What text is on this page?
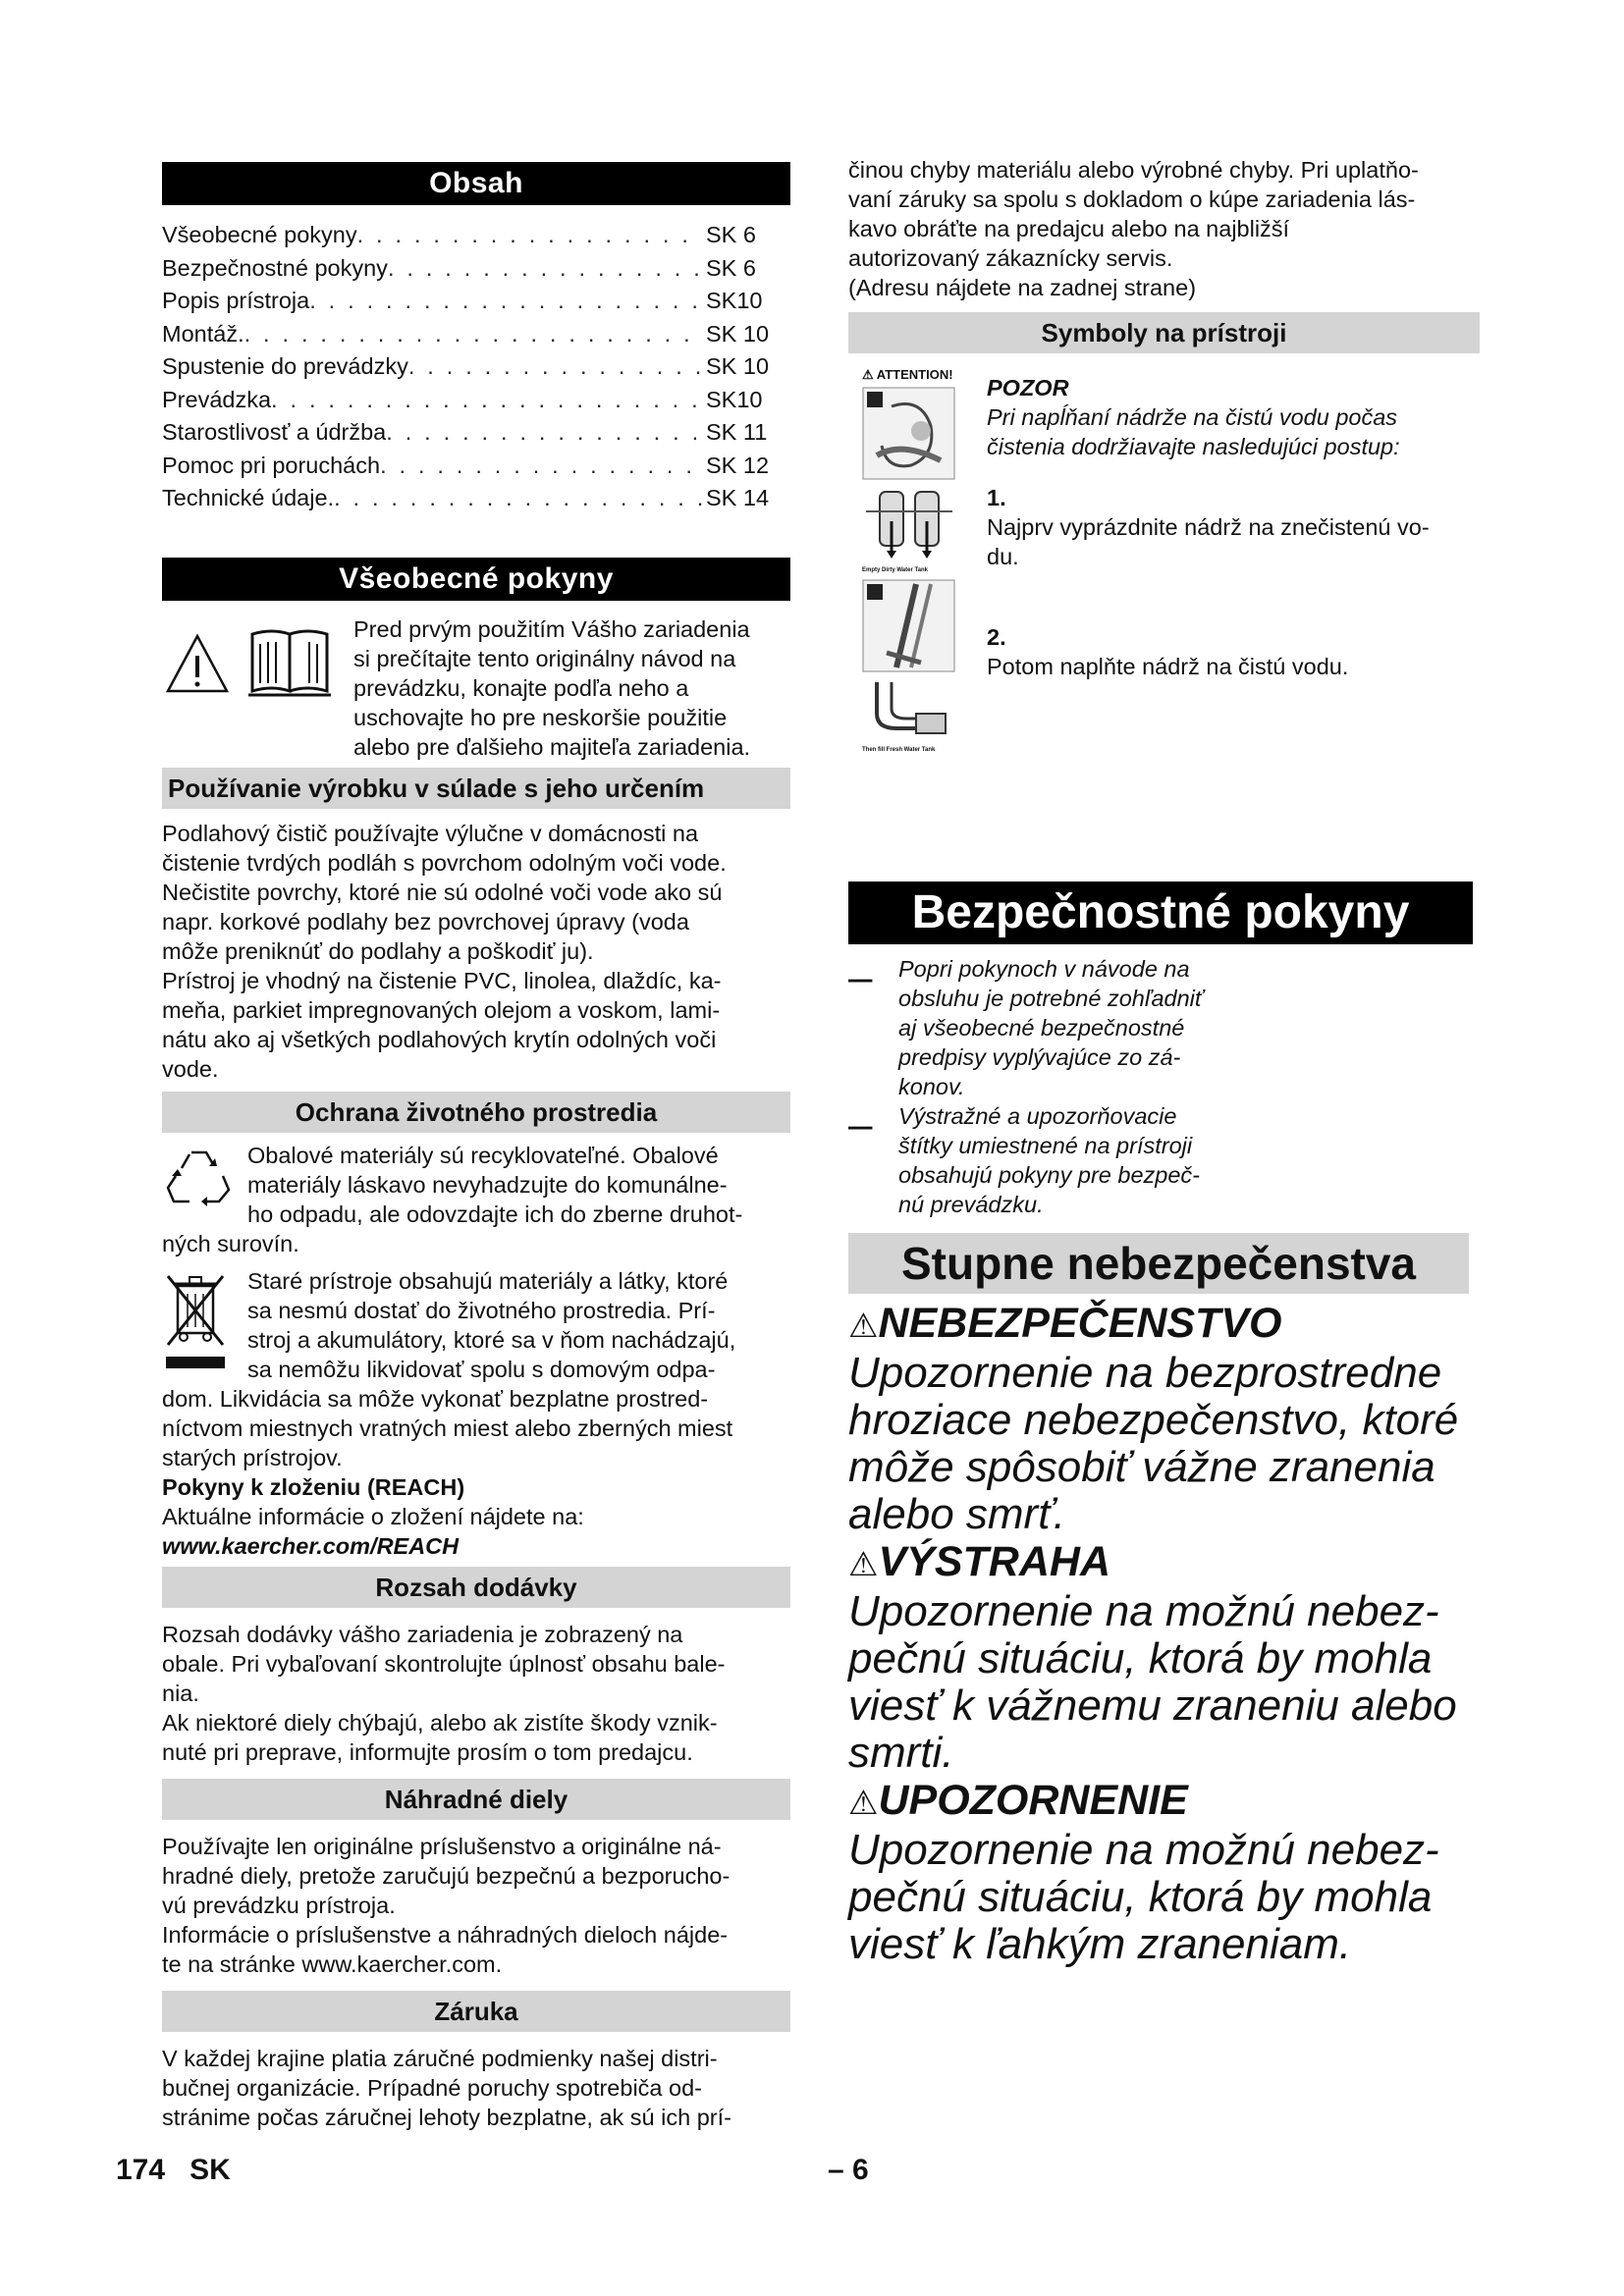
Obsah
Všeobecné pokyny . . .	SK 6
Bezpečnostné pokyny . . .	SK 6
Popis prístroja . . .	SK10
Montáž. . . .	SK 10
Spustenie do prevádzky . . .	SK 10
Prevádzka . . .	SK10
Starostlivosť a údržba . . .	SK 11
Pomoc pri poruchách . . .	SK 12
Technické údaje. . . .	SK 14
Všeobecné pokyny

Pred prvým použitím Vášho zariadenia

si prečítajte tento originálny návod na

prevádzku, konajte podľa neho a

uschovajte ho pre neskoršie použitie

alebo pre ďalšieho majiteľa zariadenia.

Používanie výrobku v súlade s jeho určením

Podlahový čistič používajte výlučne v domácnosti na

čistenie tvrdých podláh s povrchom odolným voči vode.

Nečistite povrchy, ktoré nie sú odolné voči vode ako sú

napr. korkové podlahy bez povrchovej úpravy (voda

môže preniknúť do podlahy a poškodiť ju).

Prístroj je vhodný na čistenie PVC, linolea, dlaždíc, ka-

meňa, parkiet impregnovaných olejom a voskom, lami-

nátu ako aj všetkých podlahových krytín odolných voči

vode.

Ochrana životného prostredia

Obalové materiály sú recyklovateľné. Obalové

materiály láskavo nevyhadzujte do komunálne-

ho odpadu, ale odovzdajte ich do zberne druhot-

ných surovín.

Staré prístroje obsahujú materiály a látky, ktoré

sa nesmú dostať do životného prostredia. Prí-

stroj a akumulátory, ktoré sa v ňom nachádzajú,

sa nemôžu likvidovať spolu s domovým odpa-

dom. Likvidácia sa môže vykonať bezplatne prostred-

níctvom miestnych vratných miest alebo zberných miest

starých prístrojov.

Pokyny k zloženiu (REACH)

Aktuálne informácie o zložení nájdete na:

www.kaercher.com/REACH

Rozsah dodávky

Rozsah dodávky vášho zariadenia je zobrazený na

obale. Pri vybaľovaní skontrolujte úplnosť obsahu bale-

nia.

Ak niektoré diely chýbajú, alebo ak zistíte škody vznik-

nuté pri preprave, informujte prosím o tom predajcu.

Náhradné diely

Používajte len originálne príslušenstvo a originálne ná-

hradné diely, pretože zaručujú bezpečnú a bezporucho-

vú prevádzku prístroja.

Informácie o príslušenstve a náhradných dieloch nájde-

te na stránke www.kaercher.com.

Záruka

V každej krajine platia záručné podmienky našej distri-

bučnej organizácie. Prípadné poruchy spotrebiča od-

stránime počas záručnej lehoty bezplatne, ak sú ich prí-

činou chyby materiálu alebo výrobné chyby. Pri uplatňo-

vaní záruky sa spolu s dokladom o kúpe zariadenia lás-

kavo obráťte na predajcu alebo na najbližší

autorizovaný zákaznícky servis.

(Adresu nájdete na zadnej strane)

Symboly na prístroji
⚠ ATTENTION!
Empty Dirty Water Tank
Then fill Fresh Water Tank

POZOR

Pri napĺňaní nádrže na čistú vodu počas

čistenia dodržiavajte nasledujúci postup:

1.

Najprv vyprázdnite nádrž na znečistenú vo-

du.

2.

Potom naplňte nádrž na čistú vodu.

Bezpečnostné pokyny
– Popri pokynoch v návode na

obsluhu je potrebné zohľadniť

aj všeobecné bezpečnostné

predpisy vyplývajúce zo zá-

konov.

– Výstražné a upozorňovacie

štítky umiestnené na prístroji

obsahujú pokyny pre bezpeč-

nú prevádzku.

Stupne nebezpečenstva
⚠NEBEZPEČENSTVO
Upozornenie na bezprostredne
hroziace nebezpečenstvo, ktoré
môže spôsobiť vážne zranenia
alebo smrť.
⚠VÝSTRAHA
Upozornenie na možnú nebez-
pečnú situáciu, ktorá by mohla
viesť k vážnemu zraneniu alebo
smrti.
⚠UPOZORNENIE
Upozornenie na možnú nebez-
pečnú situáciu, ktorá by mohla
viesť k ľahkým zraneniam.
174 SK	– 6
